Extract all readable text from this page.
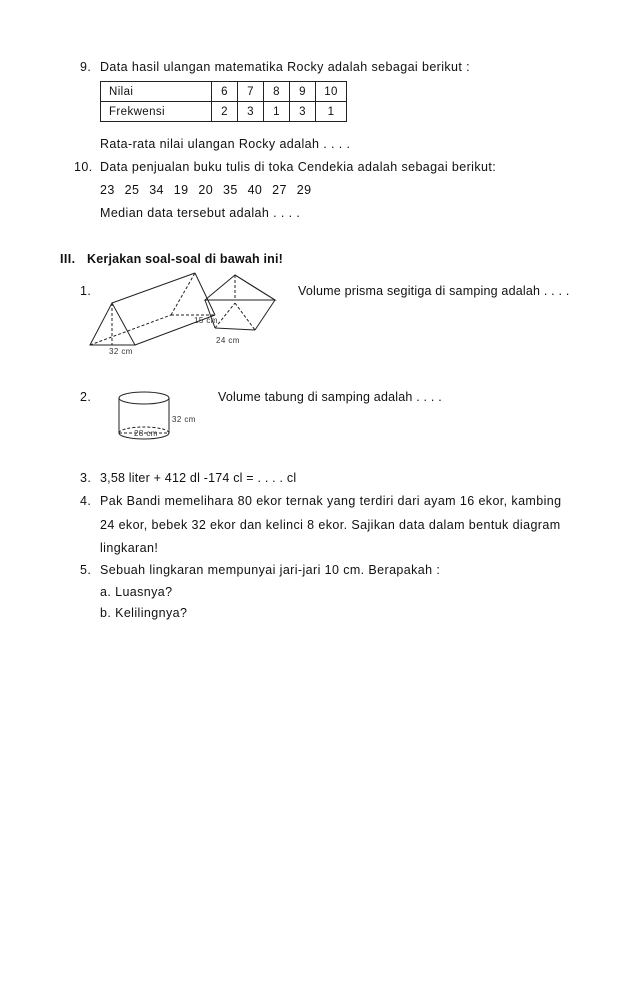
9. Data hasil ulangan matematika Rocky adalah sebagai berikut :
Nilai	6	7	8	9	10
Frekwensi	2	3	1	3	1
Rata-rata nilai ulangan Rocky adalah . . . .
10. Data penjualan buku tulis di toka Cendekia adalah sebagai berikut:
23 25 34 19 20 35 40 27 29
Median data tersebut adalah . . . .
III. Kerjakan soal-soal di bawah ini!
1.	Volume prisma segitiga di samping adalah . . . .
32 cm
15 cm
24 cm
2.	Volume tabung di samping adalah . . . .
32 cm
28 cm
3. 3,58 liter + 412 dl -174 cl = . . . . cl
4. Pak Bandi memelihara 80 ekor ternak yang terdiri dari ayam 16 ekor, kambing
24 ekor, bebek 32 ekor dan kelinci 8 ekor. Sajikan data dalam bentuk diagram
lingkaran!
5. Sebuah lingkaran mempunyai jari-jari 10 cm. Berapakah :
a. Luasnya?
b. Kelilingnya?
